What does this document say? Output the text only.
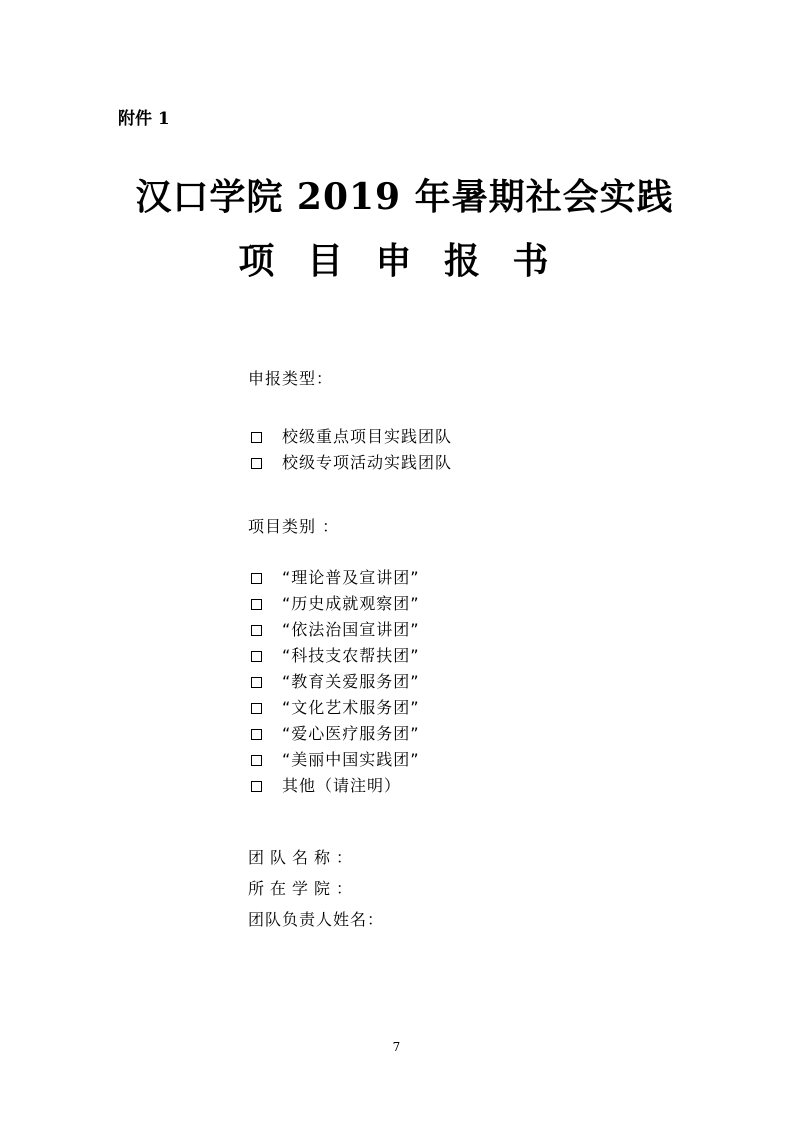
附件 1
汉口学院 2019 年暑期社会实践
项 目 申 报 书
申报类型：
校级重点项目实践团队
校级专项活动实践团队
项目类别 ：
“理论普及宣讲团”
“历史成就观察团”
“依法治国宣讲团”
“科技支农帮扶团”
“教育关爱服务团”
“文化艺术服务团”
“爱心医疗服务团”
“美丽中国实践团”
其他（请注明）
团队名称：
所在学院：
团队负责人姓名：
7
